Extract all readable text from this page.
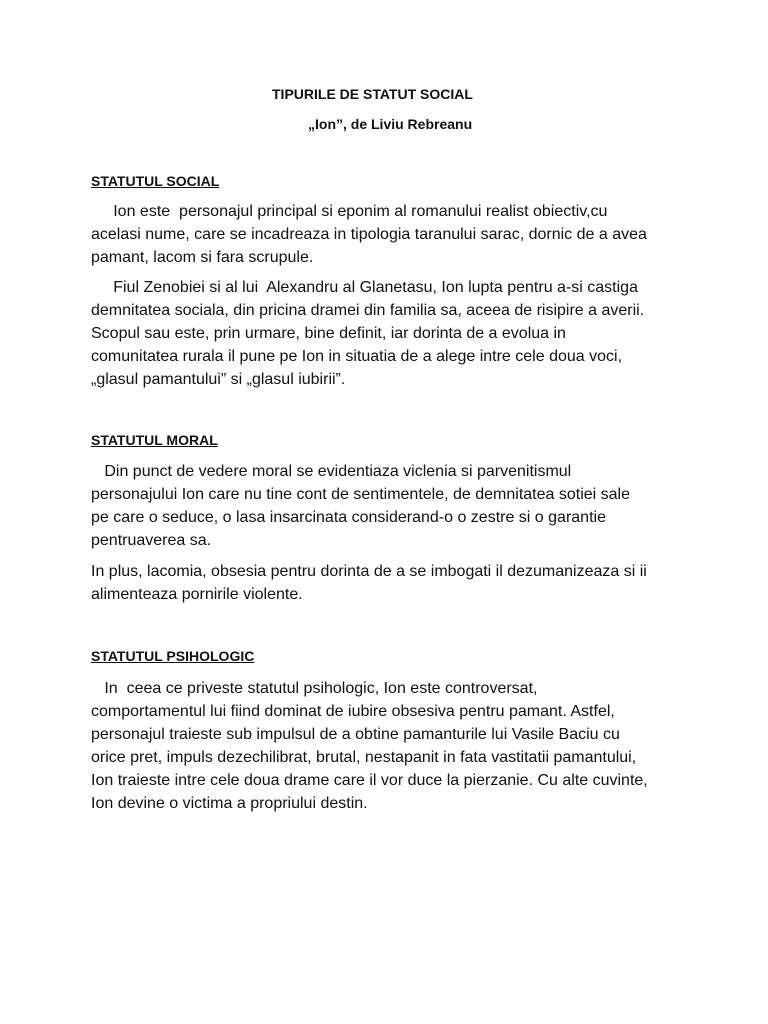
TIPURILE DE STATUT SOCIAL
„Ion”, de Liviu Rebreanu
STATUTUL SOCIAL

Ion este  personajul principal si eponim al romanului realist obiectiv,cu
acelasi nume, care se incadreaza in tipologia taranului sarac, dornic de a avea
pamant, lacom si fara scrupule.

Fiul Zenobiei si al lui  Alexandru al Glanetasu, Ion lupta pentru a-si castiga
demnitatea sociala, din pricina dramei din familia sa, aceea de risipire a averii.
Scopul sau este, prin urmare, bine definit, iar dorinta de a evolua in
comunitatea rurala il pune pe Ion in situatia de a alege intre cele doua voci,
„glasul pamantului” si „glasul iubirii”.

STATUTUL MORAL

Din punct de vedere moral se evidentiaza viclenia si parvenitismul
personajului Ion care nu tine cont de sentimentele, de demnitatea sotiei sale
pe care o seduce, o lasa insarcinata considerand-o o zestre si o garantie
pentruaverea sa.

In plus, lacomia, obsesia pentru dorinta de a se imbogati il dezumanizeaza si ii
alimenteaza pornirile violente.

STATUTUL PSIHOLOGIC

In  ceea ce priveste statutul psihologic, Ion este controversat,
comportamentul lui fiind dominat de iubire obsesiva pentru pamant. Astfel,
personajul traieste sub impulsul de a obtine pamanturile lui Vasile Baciu cu
orice pret, impuls dezechilibrat, brutal, nestapanit in fata vastitatii pamantului,
Ion traieste intre cele doua drame care il vor duce la pierzanie. Cu alte cuvinte,
Ion devine o victima a propriului destin.
